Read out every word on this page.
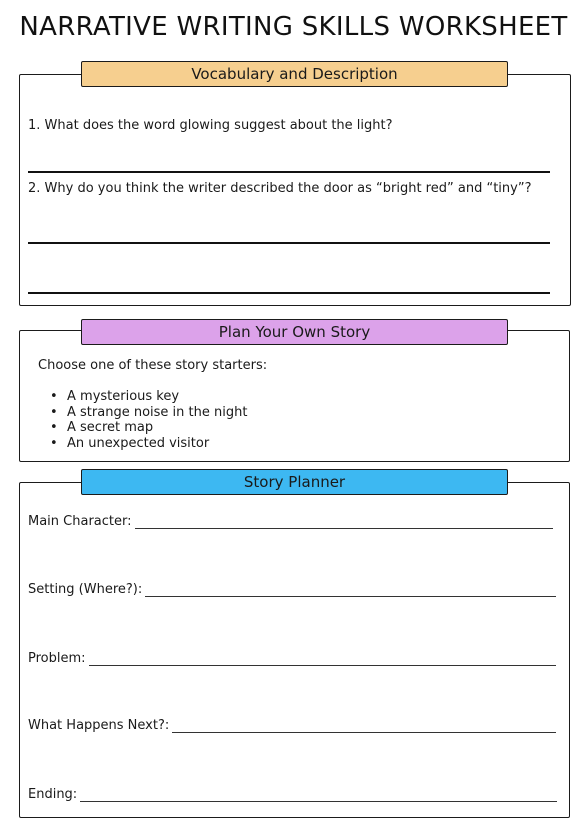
NARRATIVE WRITING SKILLS WORKSHEET
Vocabulary and Description
1. What does the word glowing suggest about the light?
2. Why do you think the writer described the door as “bright red” and “tiny”?
Plan Your Own Story
Choose one of these story starters:
• A mysterious key
• A strange noise in the night
• A secret map
• An unexpected visitor
Story Planner
Main Character:
Setting (Where?):
Problem:
What Happens Next?:
Ending:
